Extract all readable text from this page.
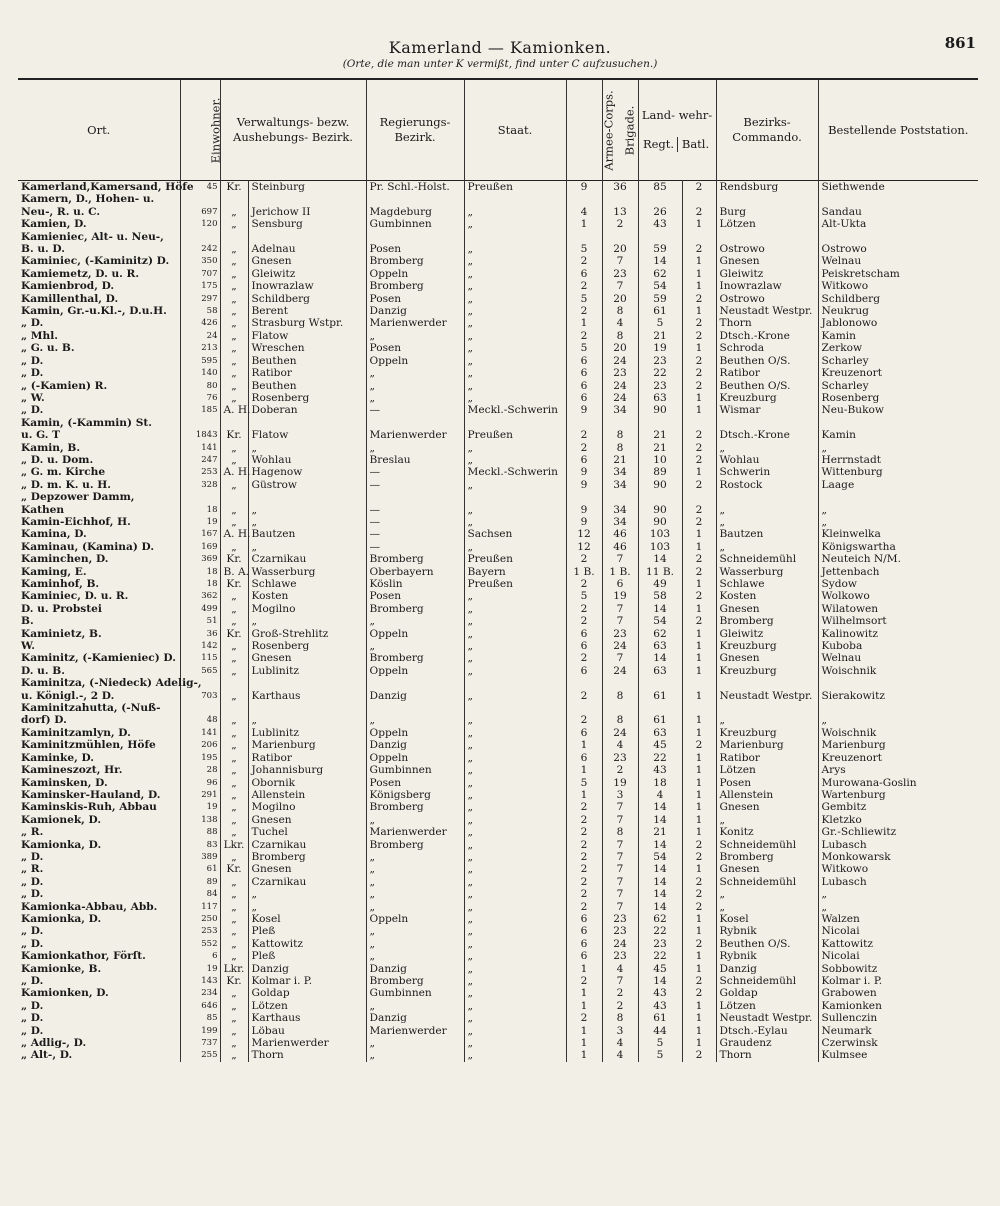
Kamerland — Kamionken.
(Orte, die man unter K vermißt, find unter C aufzusuchen.)
861
Ort.	Einwohner.	Verwaltungs- bezw. Aushebungs- Bezirk.		Regierungs- Bezirk.	Staat.	Armee-Corps.	Brigade.	Land- wehr-
Regt. Batl.		Bezirks- Commando.	Bestellende Poststation.
Kamerland,Kamersand, Höfe	45	Kr.	Steinburg	Pr. Schl.-Holst.	Preußen	9	36	85	2	Rendsburg	Siethwende
Kamern, D., Hohen- u.											
Neu-, R. u. C.	697	„	Jerichow II	Magdeburg	„	4	13	26	2	Burg	Sandau
Kamien, D.	120	„	Sensburg	Gumbinnen	„	1	2	43	1	Lötzen	Alt-Ukta
Kamieniec, Alt- u. Neu-,											
B. u. D.	242	„	Adelnau	Posen	„	5	20	59	2	Ostrowo	Ostrowo
Kaminiec, (-Kaminitz) D.	350	„	Gnesen	Bromberg	„	2	7	14	1	Gnesen	Welnau
Kamiemetz, D. u. R.	707	„	Gleiwitz	Oppeln	„	6	23	62	1	Gleiwitz	Peiskretscham
Kamienbrod, D.	175	„	Inowrazlaw	Bromberg	„	2	7	54	1	Inowrazlaw	Witkowo
Kamillenthal, D.	297	„	Schildberg	Posen	„	5	20	59	2	Ostrowo	Schildberg
Kamin, Gr.-u.Kl.-, D.u.H.	58	„	Berent	Danzig	„	2	8	61	1	Neustadt Westpr.	Neukrug
„ D.	426	„	Strasburg Wstpr.	Marienwerder	„	1	4	5	2	Thorn	Jablonowo
„ Mhl.	24	„	Flatow	„	„	2	8	21	2	Dtsch.-Krone	Kamin
„ G. u. B.	213	„	Wreschen	Posen	„	5	20	19	1	Schroda	Zerkow
„ D.	595	„	Beuthen	Oppeln	„	6	24	23	2	Beuthen O/S.	Scharley
„ D.	140	„	Ratibor	„	„	6	23	22	2	Ratibor	Kreuzenort
„ (-Kamien) R.	80	„	Beuthen	„	„	6	24	23	2	Beuthen O/S.	Scharley
„ W.	76	„	Rosenberg	„	„	6	24	63	1	Kreuzburg	Rosenberg
„ D.	185	A. H.	Doberan	—	Meckl.-Schwerin	9	34	90	1	Wismar	Neu-Bukow
Kamin, (-Kammin) St.											
u. G. T	1843	Kr.	Flatow	Marienwerder	Preußen	2	8	21	2	Dtsch.-Krone	Kamin
Kamin, B.	141	„	„	„	„	2	8	21	2	„	„
„ D. u. Dom.	247	„	Wohlau	Breslau	„	6	21	10	2	Wohlau	Herrnstadt
„ G. m. Kirche	253	A. H.	Hagenow	—	Meckl.-Schwerin	9	34	89	1	Schwerin	Wittenburg
„ D. m. K. u. H.	328	„	Güstrow	—	„	9	34	90	2	Rostock	Laage
„ Depzower Damm,											
Kathen	18	„	„	—	„	9	34	90	2	„	„
Kamin-Eichhof, H.	19	„	„	—	„	9	34	90	2	„	„
Kamina, D.	167	A. H.	Bautzen	—	Sachsen	12	46	103	1	Bautzen	Kleinwelka
Kaminau, (Kamina) D.	169	„	„	—	„	12	46	103	1	„	Königswartha
Kaminchen, D.	369	Kr.	Czarnikau	Bromberg	Preußen	2	7	14	2	Schneidemühl	Neuteich N/M.
Kaming, E.	18	B. A.	Wasserburg	Oberbayern	Bayern	1 B.	1 B.	11 B.	2	Wasserburg	Jettenbach
Kaminhof, B.	18	Kr.	Schlawe	Köslin	Preußen	2	6	49	1	Schlawe	Sydow
Kaminiec, D. u. R.	362	„	Kosten	Posen	„	5	19	58	2	Kosten	Wolkowo
D. u. Probstei	499	„	Mogilno	Bromberg	„	2	7	14	1	Gnesen	Wilatowen
B.	51	„	„	„	„	2	7	54	2	Bromberg	Wilhelmsort
Kaminietz, B.	36	Kr.	Groß-Strehlitz	Oppeln	„	6	23	62	1	Gleiwitz	Kalinowitz
W.	142	„	Rosenberg	„	„	6	24	63	1	Kreuzburg	Kuboba
Kaminitz, (-Kamieniec) D.	115	„	Gnesen	Bromberg	„	2	7	14	1	Gnesen	Welnau
D. u. B.	565	„	Lublinitz	Oppeln	„	6	24	63	1	Kreuzburg	Woischnik
Kaminitza, (-Niedeck) Adelig-,											
u. Königl.-, 2 D.	703	„	Karthaus	Danzig	„	2	8	61	1	Neustadt Westpr.	Sierakowitz
Kaminitzahutta, (-Nuß-											
dorf) D.	48	„	„	„	„	2	8	61	1	„	„
Kaminitzamlyn, D.	141	„	Lublinitz	Oppeln	„	6	24	63	1	Kreuzburg	Woischnik
Kaminitzmühlen, Höfe	206	„	Marienburg	Danzig	„	1	4	45	2	Marienburg	Marienburg
Kaminke, D.	195	„	Ratibor	Oppeln	„	6	23	22	1	Ratibor	Kreuzenort
Kamineszozt, Hr.	28	„	Johannisburg	Gumbinnen	„	1	2	43	1	Lötzen	Arys
Kaminsken, D.	96	„	Obornik	Posen	„	5	19	18	1	Posen	Murowana-Goslin
Kaminsker-Hauland, D.	291	„	Allenstein	Königsberg	„	1	3	4	1	Allenstein	Wartenburg
Kaminskis-Ruh, Abbau	19	„	Mogilno	Bromberg	„	2	7	14	1	Gnesen	Gembitz
Kamionek, D.	138	„	Gnesen	„	„	2	7	14	1	„	Kletzko
„ R.	88	„	Tuchel	Marienwerder	„	2	8	21	1	Konitz	Gr.-Schliewitz
Kamionka, D.	83	Lkr.	Czarnikau	Bromberg	„	2	7	14	2	Schneidemühl	Lubasch
„ D.	389	„	Bromberg	„	„	2	7	54	2	Bromberg	Monkowarsk
„ R.	61	Kr.	Gnesen	„	„	2	7	14	1	Gnesen	Witkowo
„ D.	89	„	Czarnikau	„	„	2	7	14	2	Schneidemühl	Lubasch
„ D.	84	„	„	„	„	2	7	14	2	„	„
Kamionka-Abbau, Abb.	117	„	„	„	„	2	7	14	2	„	„
Kamionka, D.	250	„	Kosel	Oppeln	„	6	23	62	1	Kosel	Walzen
„ D.	253	„	Pleß	„	„	6	23	22	1	Rybnik	Nicolai
„ D.	552	„	Kattowitz	„	„	6	24	23	2	Beuthen O/S.	Kattowitz
Kamionkathor, Förſt.	6	„	Pleß	„	„	6	23	22	1	Rybnik	Nicolai
Kamionke, B.	19	Lkr.	Danzig	Danzig	„	1	4	45	1	Danzig	Sobbowitz
„ D.	143	Kr.	Kolmar i. P.	Bromberg	„	2	7	14	2	Schneidemühl	Kolmar i. P.
Kamionken, D.	234	„	Goldap	Gumbinnen	„	1	2	43	2	Goldap	Grabowen
„ D.	646	„	Lötzen	„	„	1	2	43	1	Lötzen	Kamionken
„ D.	85	„	Karthaus	Danzig	„	2	8	61	1	Neustadt Westpr.	Sullenczin
„ D.	199	„	Löbau	Marienwerder	„	1	3	44	1	Dtsch.-Eylau	Neumark
„ Adlig-, D.	737	„	Marienwerder	„	„	1	4	5	1	Graudenz	Czerwinsk
„ Alt-, D.	255	„	Thorn	„	„	1	4	5	2	Thorn	Kulmsee
